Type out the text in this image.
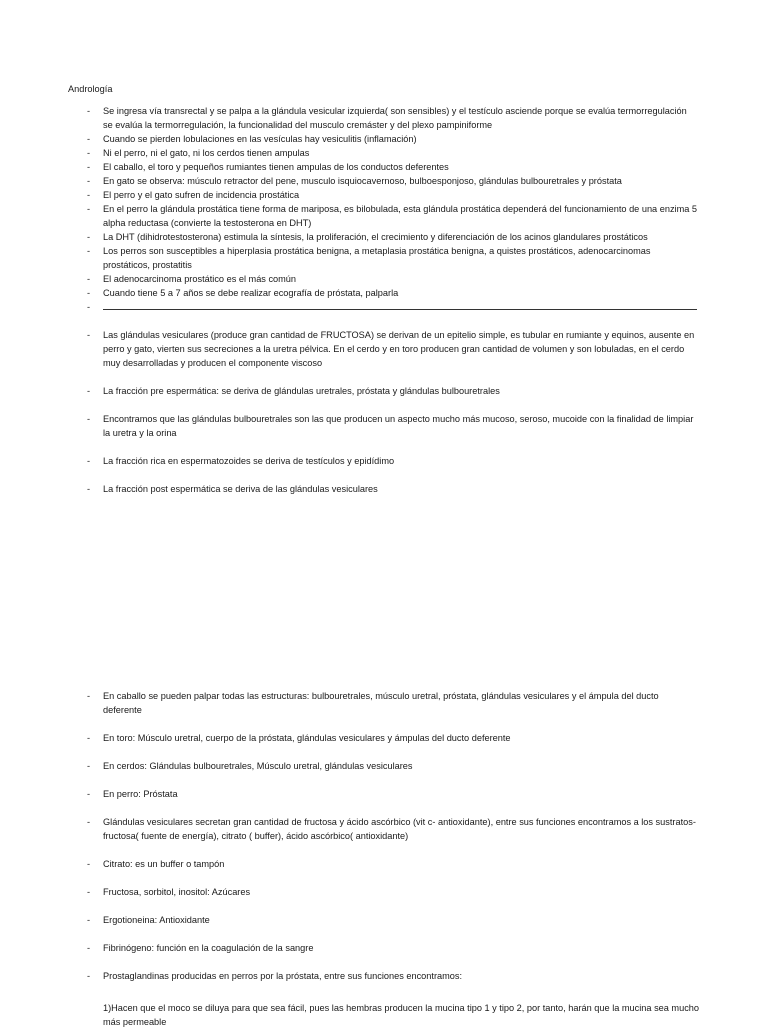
Andrología
- Se ingresa vía transrectal y se palpa a la glándula vesicular izquierda( son sensibles) y el testículo asciende porque se evalúa termorregulación se evalúa la termorregulación, la funcionalidad del musculo cremáster y del plexo pampiniforme
- Cuando se pierden lobulaciones en las vesículas hay vesiculitis (inflamación)
- Ni el perro, ni el gato, ni los cerdos tienen ampulas
- El caballo, el toro y pequeños rumiantes tienen ampulas de los conductos deferentes
- En gato se observa: músculo retractor del pene, musculo isquiocavernoso, bulboesponjoso, glándulas bulbouretrales y próstata
- El perro y el gato sufren de incidencia prostática
- En el perro la glándula prostática tiene forma de mariposa, es bilobulada, esta glándula prostática dependerá del funcionamiento de una enzima 5 alpha reductasa (convierte la testosterona en DHT)
- La DHT (dihidrotestosterona) estimula la síntesis, la proliferación, el crecimiento y diferenciación de los acinos glandulares prostáticos
- Los perros son susceptibles a hiperplasia prostática benigna, a metaplasia prostática benigna, a quistes prostáticos, adenocarcinomas prostáticos, prostatitis
- El adenocarcinoma prostático es el más común
- Cuando tiene 5 a 7 años se debe realizar ecografía de próstata, palparla
-
- Las glándulas vesiculares (produce gran cantidad de FRUCTOSA) se derivan de un epitelio simple, es tubular en rumiante y equinos, ausente en perro y gato, vierten sus secreciones a la uretra pélvica. En el cerdo y en toro producen gran cantidad de volumen y son lobuladas, en el cerdo muy desarrolladas y producen el componente viscoso
- La fracción pre espermática: se deriva de glándulas uretrales, próstata y glándulas bulbouretrales
- Encontramos que las glándulas bulbouretrales son las que producen un aspecto mucho más mucoso, seroso, mucoide con la finalidad de limpiar la uretra y la orina
- La fracción rica en espermatozoides se deriva de testículos y epidídimo
- La fracción post espermática se deriva de las glándulas vesiculares
- En caballo se pueden palpar todas las estructuras: bulbouretrales, músculo uretral, próstata, glándulas vesiculares y el ámpula del ducto deferente
- En toro: Músculo uretral, cuerpo de la próstata, glándulas vesiculares y ámpulas del ducto deferente
- En cerdos: Glándulas bulbouretrales, Músculo uretral, glándulas vesiculares
- En perro: Próstata
- Glándulas vesiculares secretan gran cantidad de fructosa y ácido ascórbico (vit c- antioxidante), entre sus funciones encontramos a los sustratos- fructosa( fuente de energía), citrato ( buffer), ácido ascórbico( antioxidante)
- Citrato: es un buffer o tampón
- Fructosa, sorbitol, inositol: Azúcares
- Ergotioneina: Antioxidante
- Fibrinógeno: función en la coagulación de la sangre
- Prostaglandinas producidas en perros por la próstata, entre sus funciones encontramos:
1)Hacen que el moco se diluya para que sea fácil, pues las hembras producen la mucina tipo 1 y tipo 2, por tanto, harán que la mucina sea mucho más permeable
